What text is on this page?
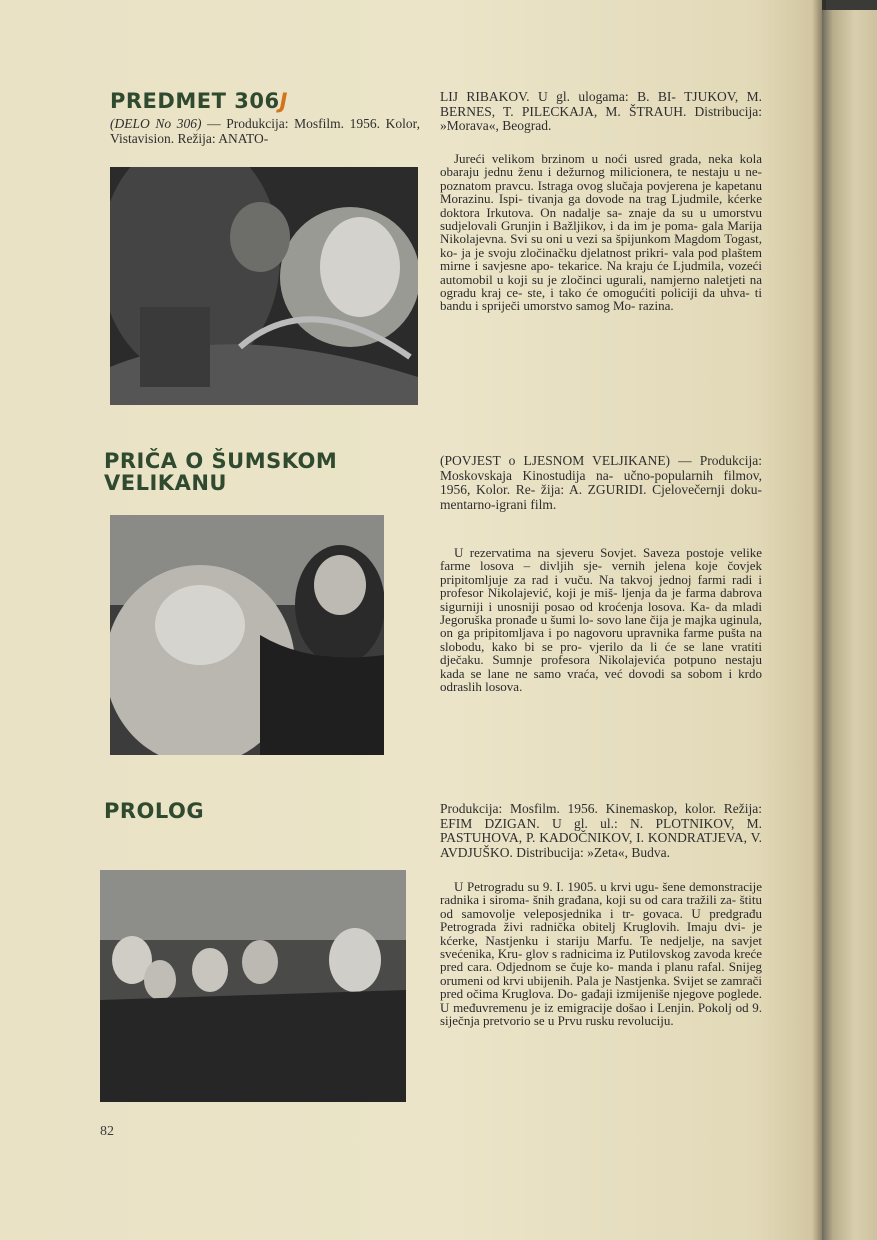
PREDMET 306J
(DELO No 306) — Produkcija: Mosfilm. 1956. Kolor, Vistavision. Režija: ANATO-
LIJ RIBAKOV. U gl. ulogama: B. BI- TJUKOV, M. BERNES, T. PILECKAJA, M. ŠTRAUH. Distribucija: »Morava«, Beograd.

Jureći velikom brzinom u noći usred grada, neka kola obaraju jednu ženu i dežurnog milicionera, te nestaju u ne- poznatom pravcu. Istraga ovog slučaja povjerena je kapetanu Morazinu. Ispi- tivanja ga dovode na trag Ljudmile, kćerke doktora Irkutova. On nadalje sa- znaje da su u umorstvu sudjelovali Grunjin i Bažljikov, i da im je poma- gala Marija Nikolajevna. Svi su oni u vezi sa špijunkom Magdom Togast, ko- ja je svoju zločinačku djelatnost prikri- vala pod plaštem mirne i savjesne apo- tekarice. Na kraju će Ljudmila, vozeći automobil u koji su je zločinci ugurali, namjerno naletjeti na ogradu kraj ce- ste, i tako će omogućiti policiji da uhva- ti bandu i spriječi umorstvo samog Mo- razina.

PRIČA O ŠUMSKOM
VELIKANU
(POVJEST o LJESNOM VELJIKANE) — Produkcija: Moskovskaja Kinostudija na- učno-popularnih filmov, 1956, Kolor. Re- žija: A. ZGURIDI. Cjelovečernji doku- mentarno-igrani film.

U rezervatima na sjeveru Sovjet. Saveza postoje velike farme losova – divljih sje- vernih jelena koje čovjek pripitomljuje za rad i vuču. Na takvoj jednoj farmi radi i profesor Nikolajević, koji je miš- ljenja da je farma dabrova sigurniji i unosniji posao od kroćenja losova. Ka- da mladi Jegoruška pronađe u šumi lo- sovo lane čija je majka uginula, on ga pripitomljava i po nagovoru upravnika farme pušta na slobodu, kako bi se pro- vjerilo da li će se lane vratiti dječaku. Sumnje profesora Nikolajevića potpuno nestaju kada se lane ne samo vraća, već dovodi sa sobom i krdo odraslih losova.

PROLOG	Produkcija: Mosfilm. 1956. Kinemaskop, kolor. Režija: EFIM DZIGAN. U gl. ul.: N. PLOTNIKOV, M. PASTUHOVA, P. KADOČNIKOV, I. KONDRATJEVA, V. AVDJUŠKO. Distribucija: »Zeta«, Budva.

U Petrogradu su 9. I. 1905. u krvi ugu- šene demonstracije radnika i siroma- šnih građana, koji su od cara tražili za- štitu od samovolje veleposjednika i tr- govaca. U predgrađu Petrograda živi radnička obitelj Kruglovih. Imaju dvi- je kćerke, Nastjenku i stariju Marfu. Te nedjelje, na savjet svećenika, Kru- glov s radnicima iz Putilovskog zavoda kreće pred cara. Odjednom se čuje ko- manda i planu rafal. Snijeg orumeni od krvi ubijenih. Pala je Nastjenka. Svijet se zamrači pred očima Kruglova. Do- gađaji izmijeniše njegove poglede. U međuvremenu je iz emigracije došao i Lenjin. Pokolj od 9. siječnja pretvorio se u Prvu rusku revoluciju.

82
